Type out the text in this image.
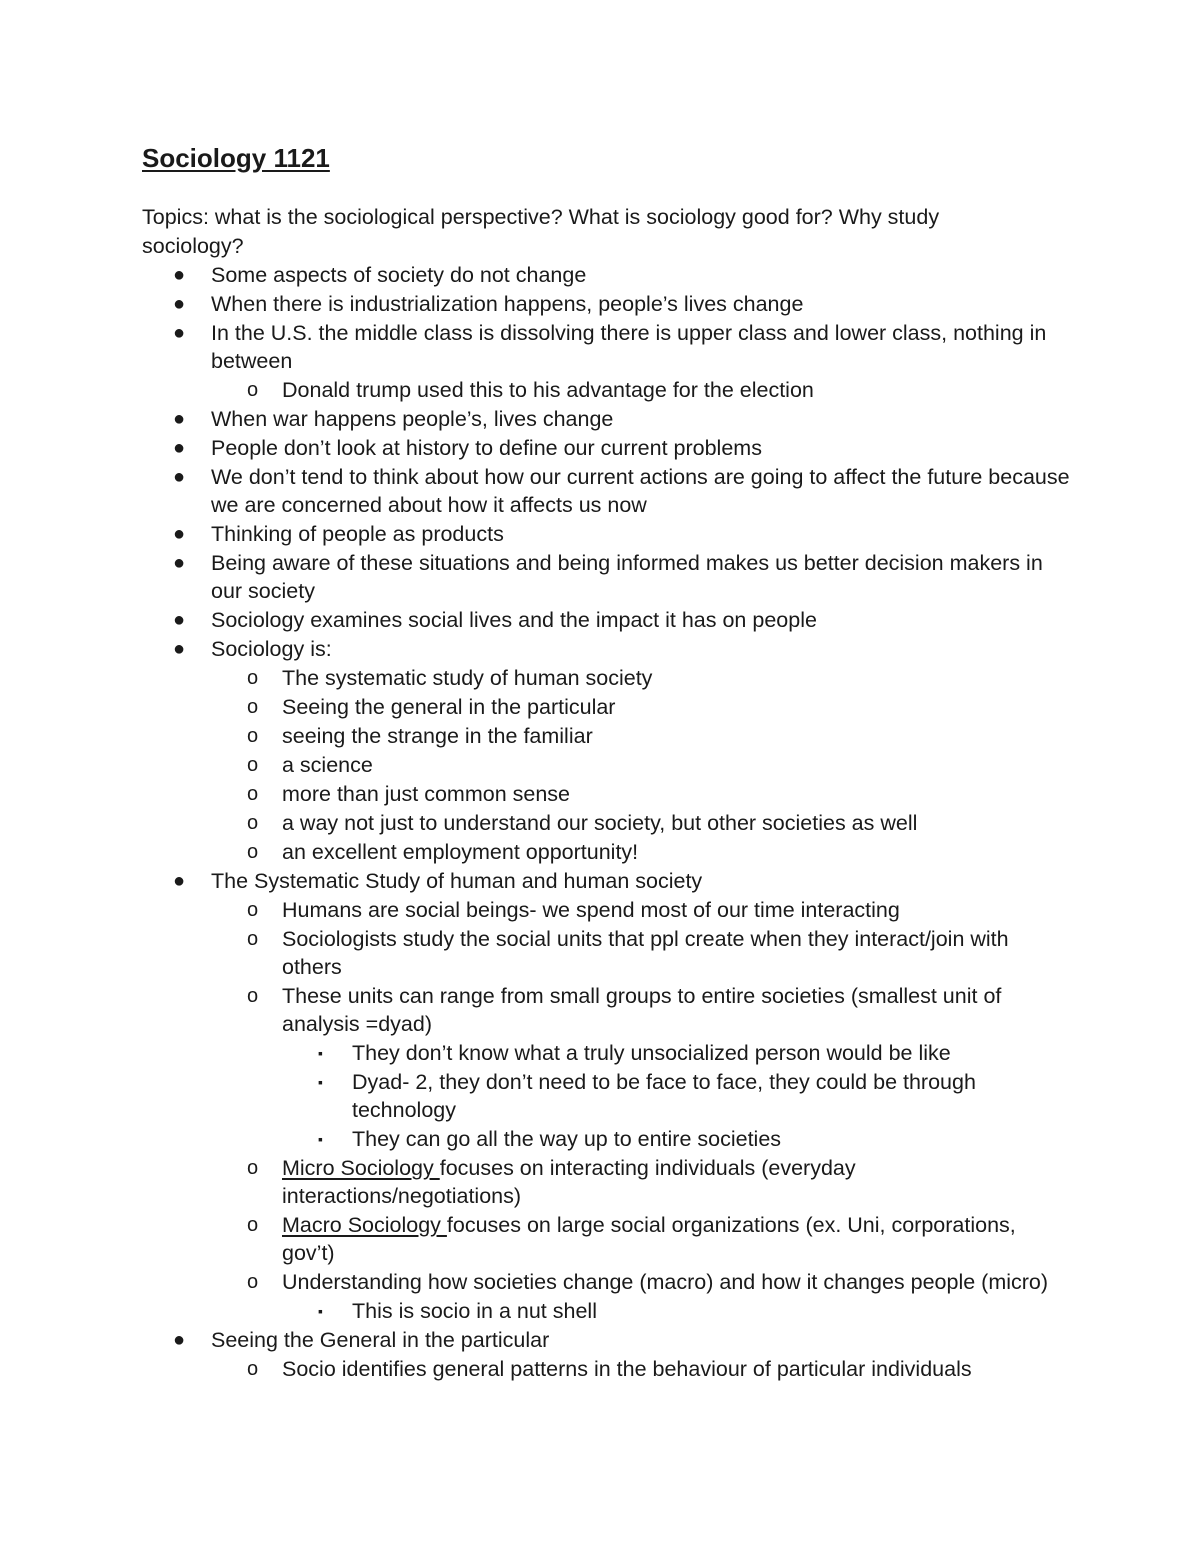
Sociology 1121

Topics: what is the sociological perspective? What is sociology good for? Why study sociology?

● Some aspects of society do not change
● When there is industrialization happens, people’s lives change
● In the U.S. the middle class is dissolving there is upper class and lower class, nothing in between
o Donald trump used this to his advantage for the election
● When war happens people’s, lives change
● People don’t look at history to define our current problems
● We don’t tend to think about how our current actions are going to affect the future because we are concerned about how it affects us now
● Thinking of people as products
● Being aware of these situations and being informed makes us better decision makers in our society
● Sociology examines social lives and the impact it has on people
● Sociology is:
o The systematic study of human society
o Seeing the general in the particular
o seeing the strange in the familiar
o a science
o more than just common sense
o a way not just to understand our society, but other societies as well
o an excellent employment opportunity!
● The Systematic Study of human and human society
o Humans are social beings- we spend most of our time interacting
o Sociologists study the social units that ppl create when they interact/join with others
o These units can range from small groups to entire societies (smallest unit of analysis =dyad)
▪ They don’t know what a truly unsocialized person would be like
▪ Dyad- 2, they don’t need to be face to face, they could be through technology
▪ They can go all the way up to entire societies
o Micro Sociology focuses on interacting individuals (everyday interactions/negotiations)
o Macro Sociology focuses on large social organizations (ex. Uni, corporations, gov’t)
o Understanding how societies change (macro) and how it changes people (micro)
▪ This is socio in a nut shell
● Seeing the General in the particular
o Socio identifies general patterns in the behaviour of particular individuals
